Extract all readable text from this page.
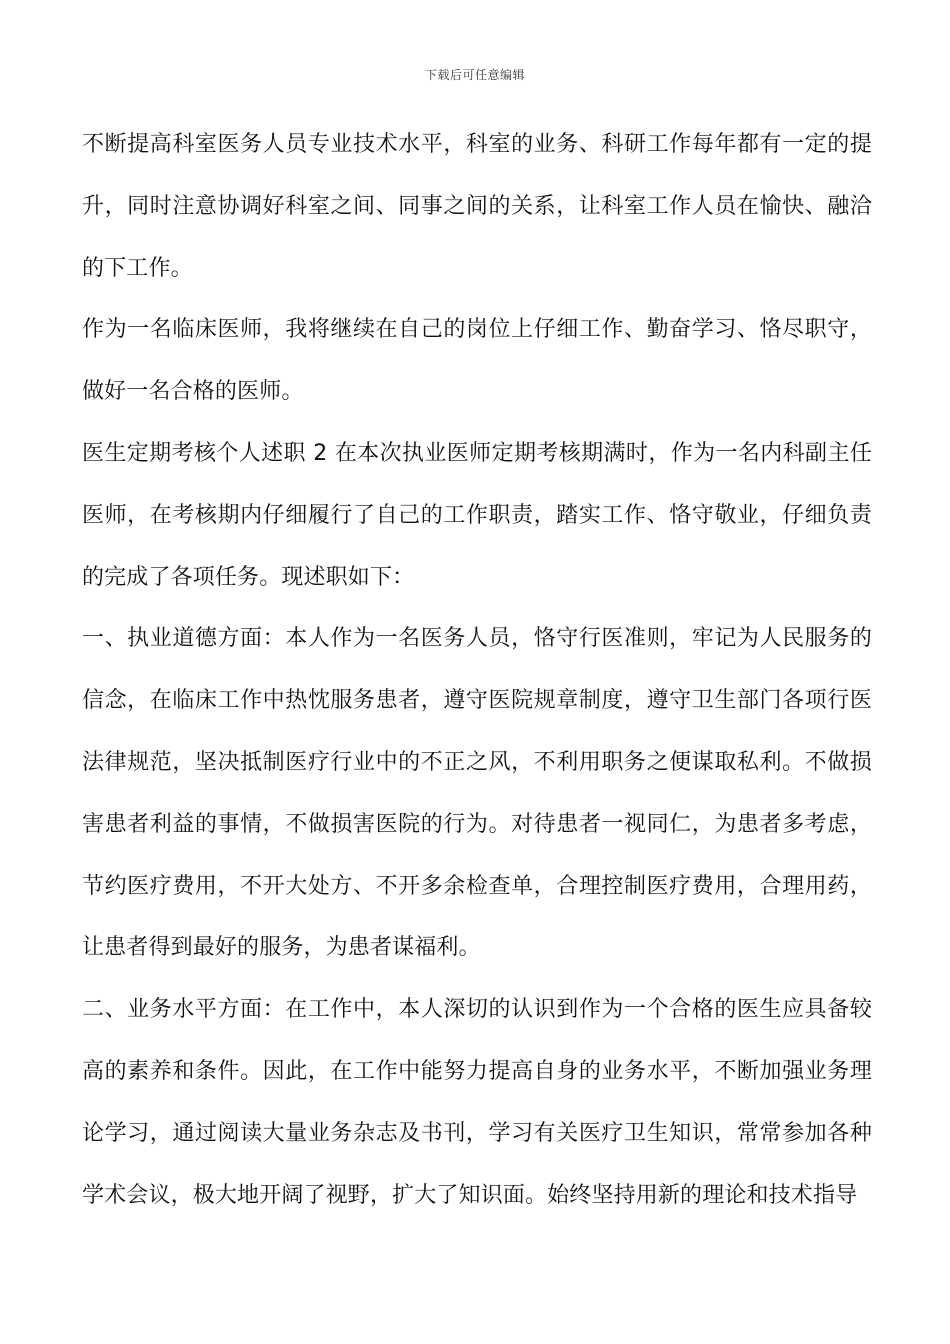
下载后可任意编辑

不断提高科室医务人员专业技术水平，科室的业务、科研工作每年都有一定的提升，同时注意协调好科室之间、同事之间的关系，让科室工作人员在愉快、融洽的下工作。

作为一名临床医师，我将继续在自己的岗位上仔细工作、勤奋学习、恪尽职守，做好一名合格的医师。

医生定期考核个人述职 2 在本次执业医师定期考核期满时，作为一名内科副主任医师，在考核期内仔细履行了自己的工作职责，踏实工作、恪守敬业，仔细负责的完成了各项任务。现述职如下：

一、执业道德方面：本人作为一名医务人员，恪守行医准则，牢记为人民服务的信念，在临床工作中热忱服务患者，遵守医院规章制度，遵守卫生部门各项行医法律规范，坚决抵制医疗行业中的不正之风，不利用职务之便谋取私利。不做损害患者利益的事情，不做损害医院的行为。对待患者一视同仁，为患者多考虑，节约医疗费用，不开大处方、不开多余检查单，合理控制医疗费用，合理用药，让患者得到最好的服务，为患者谋福利。

二、业务水平方面：在工作中，本人深切的认识到作为一个合格的医生应具备较高的素养和条件。因此，在工作中能努力提高自身的业务水平，不断加强业务理论学习，通过阅读大量业务杂志及书刊，学习有关医疗卫生知识，常常参加各种学术会议，极大地开阔了视野，扩大了知识面。始终坚持用新的理论和技术指导
